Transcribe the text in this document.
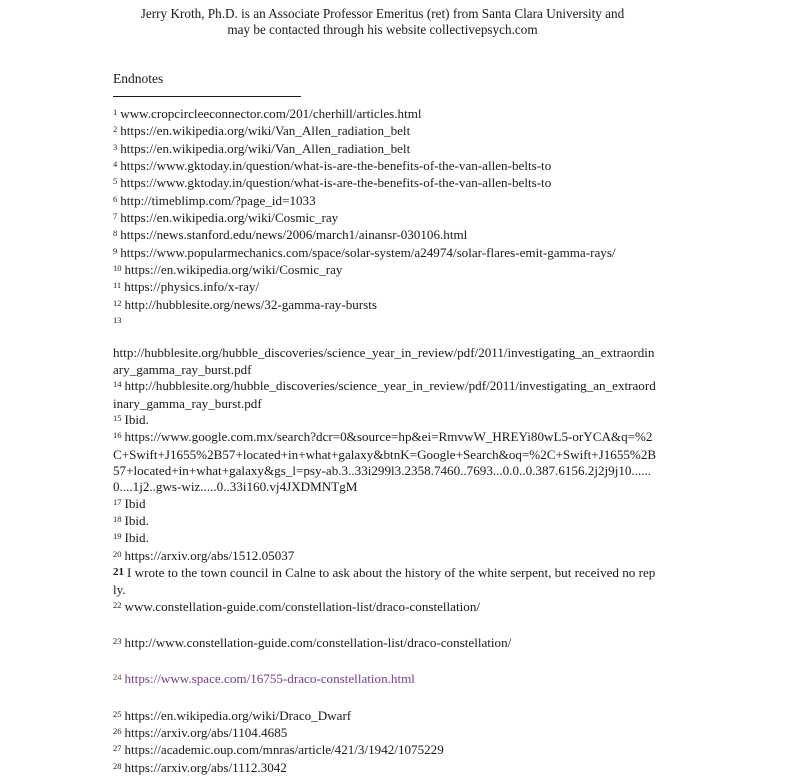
Jerry Kroth, Ph.D. is an Associate Professor Emeritus (ret) from Santa Clara University and
may be contacted through his website collectivepsych.com
Endnotes
$^1$ www.cropcircleeconnector.com/201/cherhill/articles.html
$^2$ https://en.wikipedia.org/wiki/Van_Allen_radiation_belt
$^3$ https://en.wikipedia.org/wiki/Van_Allen_radiation_belt
$^4$ https://www.gktoday.in/question/what-is-are-the-benefits-of-the-van-allen-belts-to
$^5$ https://www.gktoday.in/question/what-is-are-the-benefits-of-the-van-allen-belts-to
$^6$ http://timeblimp.com/?page_id=1033
$^7$ https://en.wikipedia.org/wiki/Cosmic_ray
$^8$ https://news.stanford.edu/news/2006/march1/ainansr-030106.html
$^9$ https://www.popularmechanics.com/space/solar-system/a24974/solar-flares-emit-gamma-rays/
$^{10}$ https://en.wikipedia.org/wiki/Cosmic_ray
$^{11}$ https://physics.info/x-ray/
$^{12}$ http://hubblesite.org/news/32-gamma-ray-bursts
$^{13}$
http://hubblesite.org/hubble_discoveries/science_year_in_review/pdf/2011/investigating_an_extraordinary_gamma_ray_burst.pdf
$^{14}$ http://hubblesite.org/hubble_discoveries/science_year_in_review/pdf/2011/investigating_an_extraordinary_gamma_ray_burst.pdf
$^{15}$ Ibid.
$^{16}$ https://www.google.com.mx/search?dcr=0&source=hp&ei=RmvwW_HREYi80wL5-orYCA&q=%2C+Swift+J1655%2B57+located+in+what+galaxy&btnK=Google+Search&oq=%2C+Swift+J1655%2B57+located+in+what+galaxy&gs_l=psy-ab.3..33i299l3.2358.7460..7693...0.0..0.387.6156.2j2j9j10......0....1j2..gws-wiz.....0..33i160.vj4JXDMNTgM
$^{17}$ Ibid
$^{18}$ Ibid.
$^{19}$ Ibid.
$^{20}$ https://arxiv.org/abs/1512.05037
$^{21}$ I wrote to the town council in Calne to ask about the history of the white serpent, but received no reply.
$^{22}$ www.constellation-guide.com/constellation-list/draco-constellation/
$^{23}$ http://www.constellation-guide.com/constellation-list/draco-constellation/
$^{24}$ https://www.space.com/16755-draco-constellation.html
$^{25}$ https://en.wikipedia.org/wiki/Draco_Dwarf
$^{26}$ https://arxiv.org/abs/1104.4685
$^{27}$ https://academic.oup.com/mnras/article/421/3/1942/1075229
$^{28}$ https://arxiv.org/abs/1112.3042
